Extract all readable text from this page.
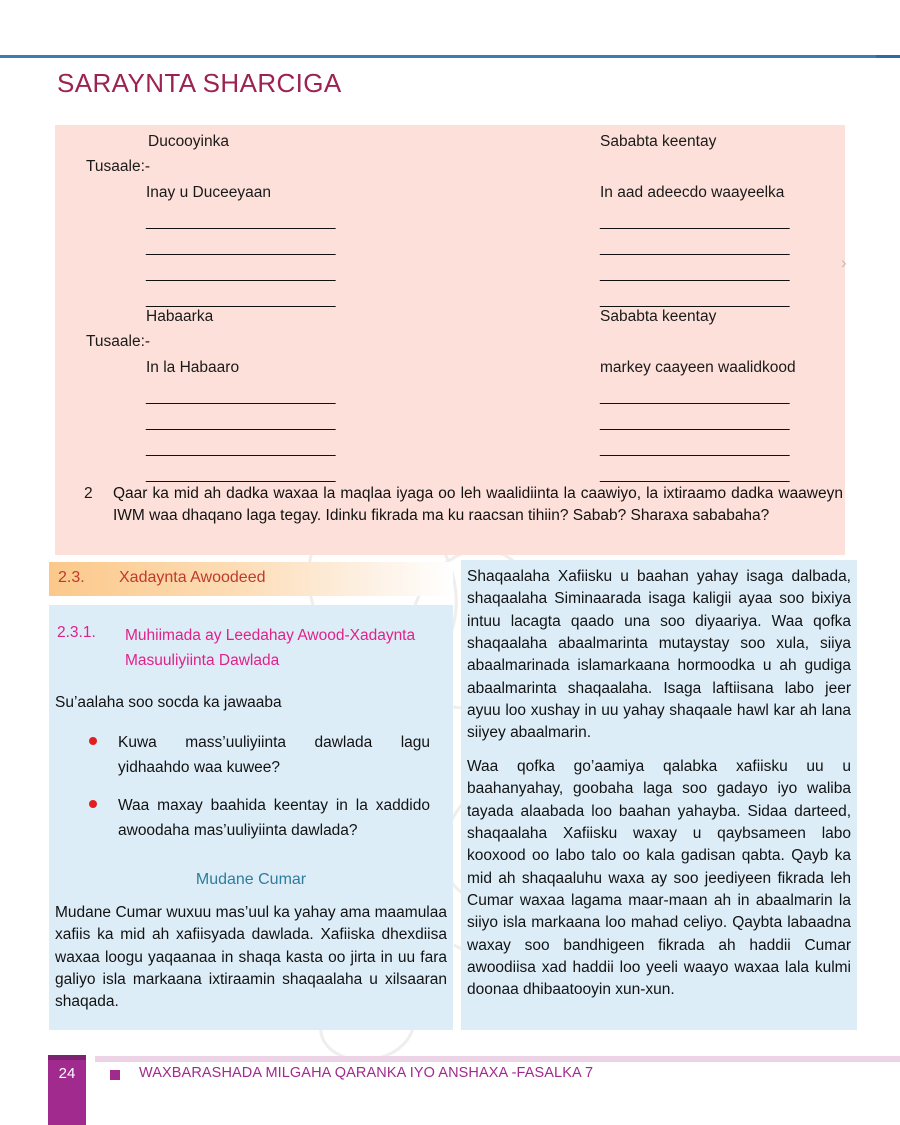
SARAYNTA SHARCIGA
Ducooyinka	Sababta keentay
Tusaale:-
Inay u Duceeyaan	In aad adeecdo waayeelka
_______________________
_______________________
_______________________
_______________________
_______________________
_______________________
_______________________
_______________________
Habaarka	Sababta keentay
Tusaale:-
In la Habaaro	markey caayeen waalidkood
_______________________
_______________________
_______________________
_______________________
_______________________
_______________________
_______________________
_______________________
2 Qaar ka mid ah dadka waxaa la maqlaa iyaga oo leh waalidiinta la caawiyo, la ixtiraamo dadka waaweyn IWM waa dhaqano laga tegay. Idinku fikrada ma ku raacsan tihiin? Sabab? Sharaxa sababaha?
›
2.3. Xadaynta Awoodeed
2.3.1. Muhiimada ay Leedahay Awood-Xadaynta Masuuliyiinta Dawlada
Su’aalaha soo socda ka jawaaba
Kuwa mass’uuliyiinta dawlada lagu yidhaahdo waa kuwee?
Waa maxay baahida keentay in la xaddido awoodaha mas’uuliyiinta dawlada?
Mudane Cumar
Mudane Cumar wuxuu mas’uul ka yahay ama maamulaa xafiis ka mid ah xafiisyada dawlada. Xafiiska dhexdiisa waxaa loogu yaqaanaa in shaqa kasta oo jirta in uu fara galiyo isla markaana ixtiraamin shaqaalaha u xilsaaran shaqada.
Shaqaalaha Xafiisku u baahan yahay isaga dalbada, shaqaalaha Siminaarada isaga kaligii ayaa soo bixiya intuu lacagta qaado una soo diyaariya. Waa qofka shaqaalaha abaalmarinta mutaystay soo xula, siiya abaalmarinada islamarkaana hormoodka u ah gudiga abaalmarinta shaqaalaha. Isaga laftiisana labo jeer ayuu loo xushay in uu yahay shaqaale hawl kar ah lana siiyey abaalmarin.
Waa qofka go’aamiya qalabka xafiisku uu u baahanyahay, goobaha laga soo gadayo iyo waliba tayada alaabada loo baahan yahayba. Sidaa darteed, shaqaalaha Xafiisku waxay u qaybsameen labo kooxood oo labo talo oo kala gadisan qabta. Qayb ka mid ah shaqaaluhu waxa ay soo jeediyeen fikrada leh Cumar waxaa lagama maar-maan ah in abaalmarin la siiyo isla markaana loo mahad celiyo. Qaybta labaadna waxay soo bandhigeen fikrada ah haddii Cumar awoodiisa xad haddii loo yeeli waayo waxaa lala kulmi doonaa dhibaatooyin xun-xun.
24	WAXBARASHADA MILGAHA QARANKA IYO ANSHAXA -FASALKA 7
